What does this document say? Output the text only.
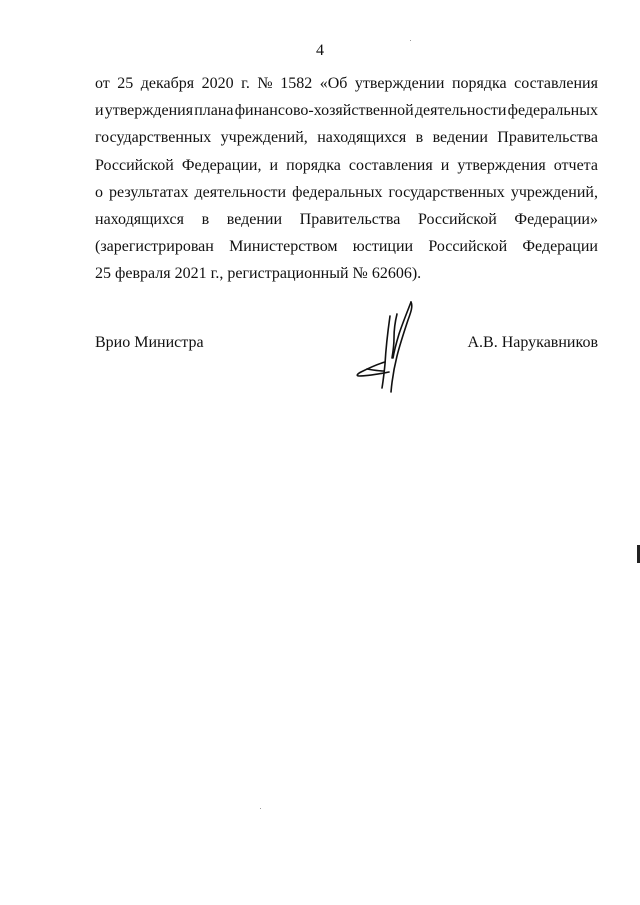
4
от 25 декабря 2020 г. № 1582 «Об утверждении порядка составления
и утверждения плана финансово-хозяйственной деятельности федеральных
государственных учреждений, находящихся в ведении Правительства
Российской Федерации, и порядка составления и утверждения отчета
о результатах деятельности федеральных государственных учреждений,
находящихся в ведении Правительства Российской Федерации»
(зарегистрирован Министерством юстиции Российской Федерации
25 февраля 2021 г., регистрационный № 62606).
Врио Министра	А.В. Нарукавников
